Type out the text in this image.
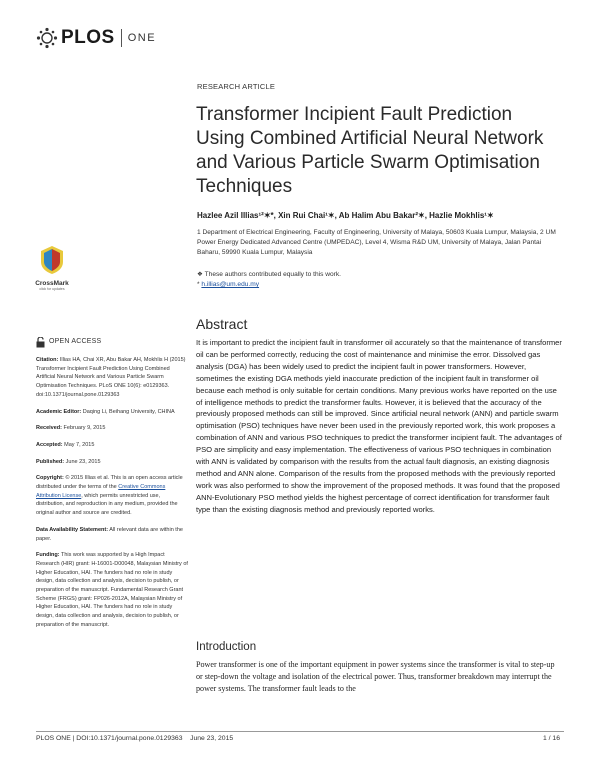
PLOS ONE
RESEARCH ARTICLE
Transformer Incipient Fault Prediction Using Combined Artificial Neural Network and Various Particle Swarm Optimisation Techniques
Hazlee Azil Illias¹²✶*, Xin Rui Chai¹✶, Ab Halim Abu Bakar²✶, Hazlie Mokhlis¹✶
1 Department of Electrical Engineering, Faculty of Engineering, University of Malaya, 50603 Kuala Lumpur, Malaysia, 2 UM Power Energy Dedicated Advanced Centre (UMPEDAC), Level 4, Wisma R&D UM, University of Malaya, Jalan Pantai Baharu, 59990 Kuala Lumpur, Malaysia
❖ These authors contributed equally to this work.
* h.illias@um.edu.my
CrossMark
click for updates
OPEN ACCESS

Citation: Illias HA, Chai XR, Abu Bakar AH, Mokhlis H (2015) Transformer Incipient Fault Prediction Using Combined Artificial Neural Network and Various Particle Swarm Optimisation Techniques. PLoS ONE 10(6): e0129363. doi:10.1371/journal.pone.0129363

Academic Editor: Daqing Li, Beihang University, CHINA

Received: February 9, 2015

Accepted: May 7, 2015

Published: June 23, 2015

Copyright: © 2015 Illias et al. This is an open access article distributed under the terms of the Creative Commons Attribution License, which permits unrestricted use, distribution, and reproduction in any medium, provided the original author and source are credited.

Data Availability Statement: All relevant data are within the paper.

Funding: This work was supported by a High Impact Research (HIR) grant: H-16001-D00048, Malaysian Ministry of Higher Education, HAI. The funders had no role in study design, data collection and analysis, decision to publish, or preparation of the manuscript. Fundamental Research Grant Scheme (FRGS) grant: FP026-2012A, Malaysian Ministry of Higher Education, HAI. The funders had no role in study design, data collection and analysis, decision to publish, or preparation of the manuscript.

Abstract
It is important to predict the incipient fault in transformer oil accurately so that the maintenance of transformer oil can be performed correctly, reducing the cost of maintenance and minimise the error. Dissolved gas analysis (DGA) has been widely used to predict the incipient fault in power transformers. However, sometimes the existing DGA methods yield inaccurate prediction of the incipient fault in transformer oil because each method is only suitable for certain conditions. Many previous works have reported on the use of intelligence methods to predict the transformer faults. However, it is believed that the accuracy of the previously proposed methods can still be improved. Since artificial neural network (ANN) and particle swarm optimisation (PSO) techniques have never been used in the previously reported work, this work proposes a combination of ANN and various PSO techniques to predict the transformer incipient fault. The advantages of PSO are simplicity and easy implementation. The effectiveness of various PSO techniques in combination with ANN is validated by comparison with the results from the actual fault diagnosis, an existing diagnosis method and ANN alone. Comparison of the results from the proposed methods with the previously reported work was also performed to show the improvement of the proposed methods. It was found that the proposed ANN-Evolutionary PSO method yields the highest percentage of correct identification for transformer fault type than the existing diagnosis method and previously reported works.
Introduction
Power transformer is one of the important equipment in power systems since the transformer is vital to step-up or step-down the voltage and isolation of the electrical power. Thus, transformer breakdown may interrupt the power systems. The transformer fault leads to the
PLOS ONE | DOI:10.1371/journal.pone.0129363 June 23, 2015	1 / 16
